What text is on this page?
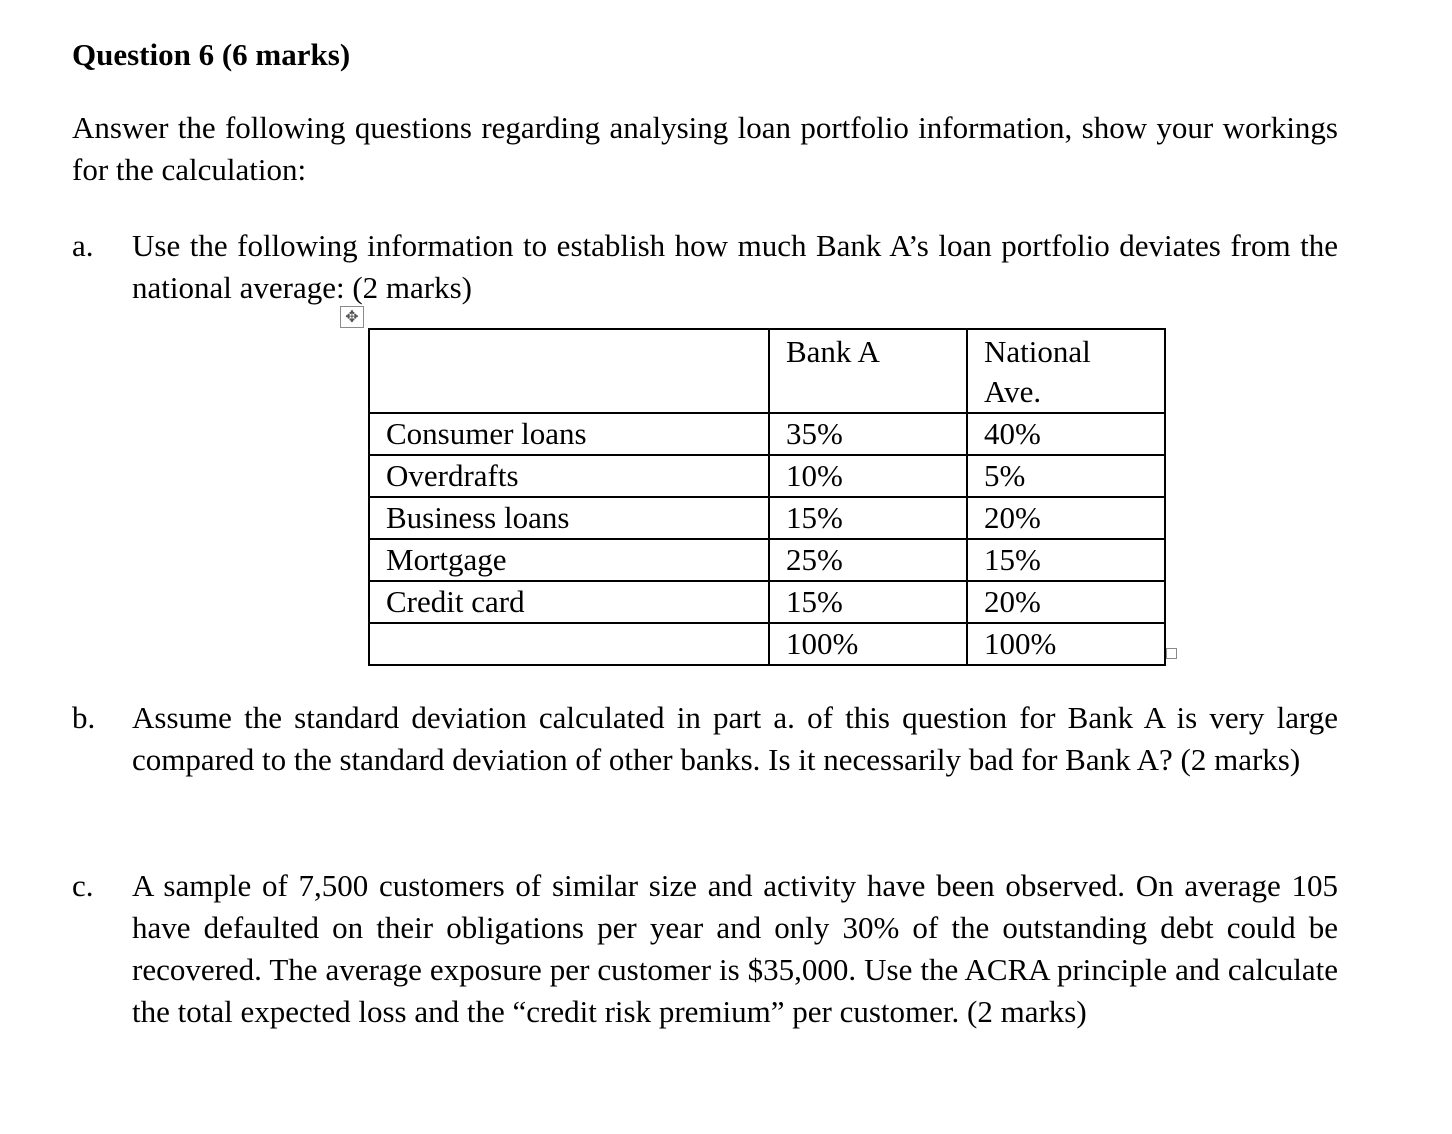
Question 6 (6 marks)
Answer the following questions regarding analysing loan portfolio information, show your workings for the calculation:
a. Use the following information to establish how much Bank A’s loan portfolio deviates from the national average: (2 marks)
✥
	Bank A	National Ave.
Consumer loans	35%	40%
Overdrafts	10%	5%
Business loans	15%	20%
Mortgage	25%	15%
Credit card	15%	20%
	100%	100%
b. Assume the standard deviation calculated in part a. of this question for Bank A is very large compared to the standard deviation of other banks. Is it necessarily bad for Bank A? (2 marks)
c. A sample of 7,500 customers of similar size and activity have been observed. On average 105 have defaulted on their obligations per year and only 30% of the outstanding debt could be recovered. The average exposure per customer is $35,000. Use the ACRA principle and calculate the total expected loss and the “credit risk premium” per customer. (2 marks)
